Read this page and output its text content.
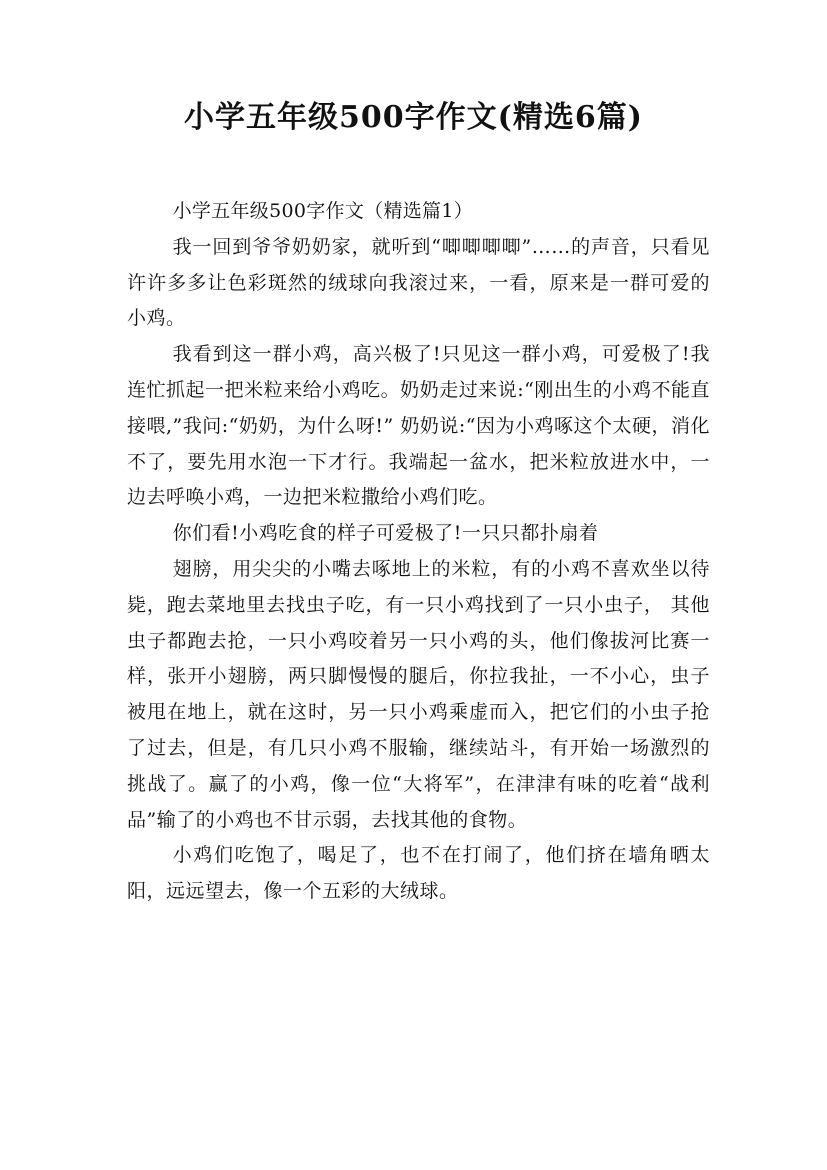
小学五年级500字作文(精选6篇)

小学五年级500字作文（精选篇1）

我一回到爷爷奶奶家，就听到“唧唧唧唧”……的声音，只看见许许多多让色彩斑然的绒球向我滚过来，一看，原来是一群可爱的小鸡。

我看到这一群小鸡，高兴极了!只见这一群小鸡，可爱极了!我连忙抓起一把米粒来给小鸡吃。奶奶走过来说:“刚出生的小鸡不能直接喂,”我问:“奶奶，为什么呀!” 奶奶说:“因为小鸡啄这个太硬，消化不了，要先用水泡一下才行。我端起一盆水，把米粒放进水中，一边去呼唤小鸡，一边把米粒撒给小鸡们吃。

你们看!小鸡吃食的样子可爱极了!一只只都扑扇着

翅膀，用尖尖的小嘴去啄地上的米粒，有的小鸡不喜欢坐以待毙，跑去菜地里去找虫子吃，有一只小鸡找到了一只小虫子， 其他虫子都跑去抢，一只小鸡咬着另一只小鸡的头，他们像拔河比赛一样，张开小翅膀，两只脚慢慢的腿后，你拉我扯，一不小心，虫子被甩在地上，就在这时，另一只小鸡乘虚而入，把它们的小虫子抢了过去，但是，有几只小鸡不服输，继续站斗，有开始一场激烈的挑战了。赢了的小鸡，像一位“大将军”，在津津有味的吃着“战利品”输了的小鸡也不甘示弱，去找其他的食物。

小鸡们吃饱了，喝足了，也不在打闹了，他们挤在墙角晒太阳，远远望去，像一个五彩的大绒球。
